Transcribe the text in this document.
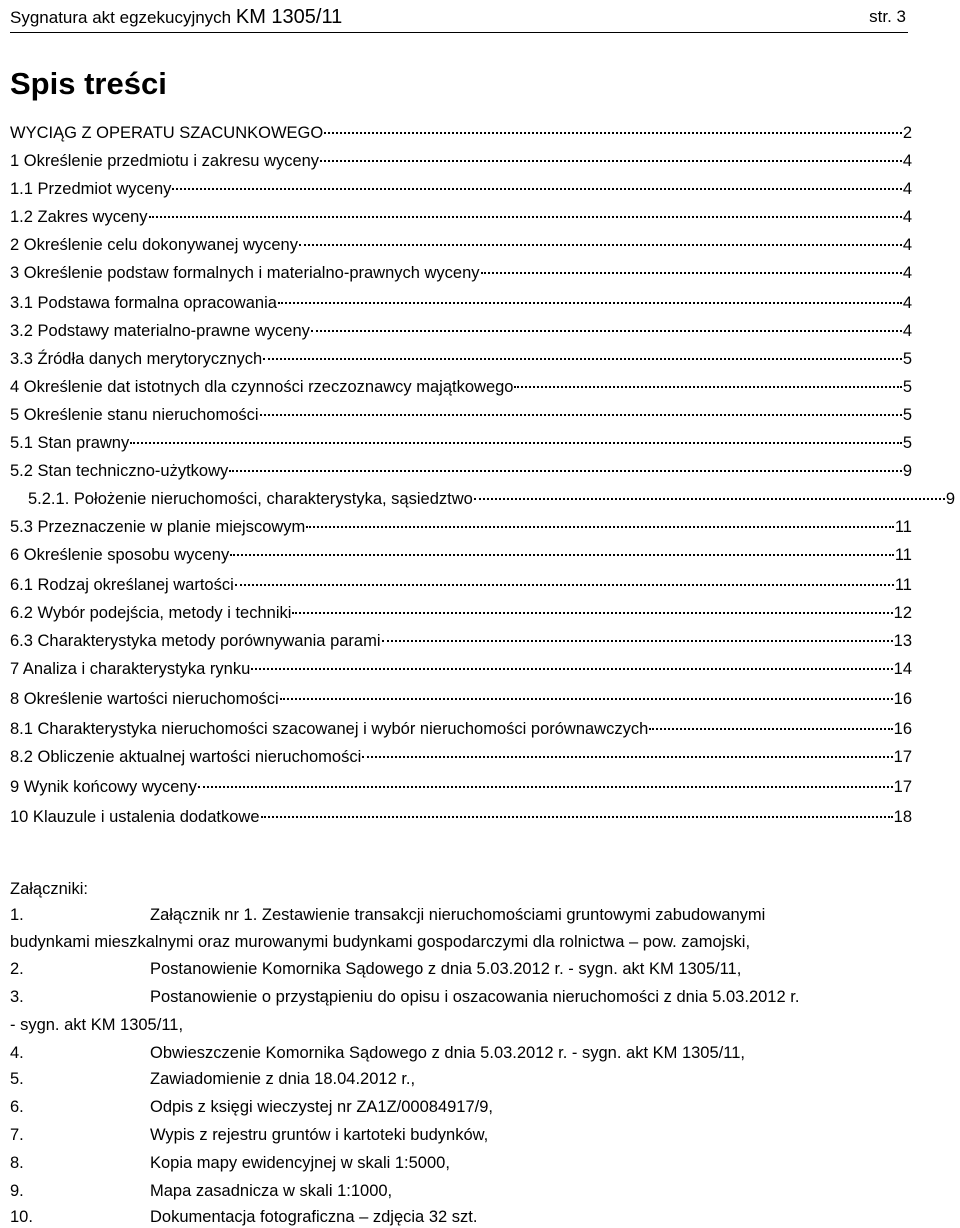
Sygnatura akt egzekucyjnych KM 1305/11	str. 3
Spis treści
WYCIĄG Z OPERATU SZACUNKOWEGO	2
1 Określenie przedmiotu i zakresu wyceny	4
1.1 Przedmiot wyceny	4
1.2 Zakres wyceny	4
2 Określenie celu dokonywanej wyceny	4
3 Określenie podstaw formalnych i materialno-prawnych wyceny	4
3.1 Podstawa formalna opracowania	4
3.2 Podstawy materialno-prawne wyceny	4
3.3 Źródła danych merytorycznych	5
4 Określenie dat istotnych dla czynności rzeczoznawcy majątkowego	5
5 Określenie stanu nieruchomości	5
5.1 Stan prawny	5
5.2 Stan techniczno-użytkowy	9
5.2.1. Położenie nieruchomości, charakterystyka, sąsiedztwo	9
5.3 Przeznaczenie w planie miejscowym	11
6 Określenie sposobu wyceny	11
6.1 Rodzaj określanej wartości	11
6.2 Wybór podejścia, metody i techniki	12
6.3 Charakterystyka metody porównywania parami	13
7 Analiza i charakterystyka rynku	14
8 Określenie wartości nieruchomości	16
8.1 Charakterystyka nieruchomości szacowanej i wybór nieruchomości porównawczych	16
8.2 Obliczenie aktualnej wartości nieruchomości	17
9 Wynik końcowy wyceny	17
10 Klauzule i ustalenia dodatkowe	18
Załączniki:
1.	Załącznik nr 1. Zestawienie transakcji nieruchomościami gruntowymi zabudowanymi
budynkami mieszkalnymi oraz murowanymi budynkami gospodarczymi dla rolnictwa – pow. zamojski,
2.	Postanowienie Komornika Sądowego z dnia 5.03.2012 r. - sygn. akt KM 1305/11,
3.	Postanowienie o przystąpieniu do opisu i oszacowania nieruchomości z dnia 5.03.2012 r.
- sygn. akt KM 1305/11,
4.	Obwieszczenie Komornika Sądowego z dnia 5.03.2012 r. - sygn. akt KM 1305/11,
5.	Zawiadomienie z dnia 18.04.2012 r.,
6.	Odpis z księgi wieczystej nr ZA1Z/00084917/9,
7.	Wypis z rejestru gruntów i kartoteki budynków,
8.	Kopia mapy ewidencyjnej w skali 1:5000,
9.	Mapa zasadnicza w skali 1:1000,
10.	Dokumentacja fotograficzna – zdjęcia 32 szt.
